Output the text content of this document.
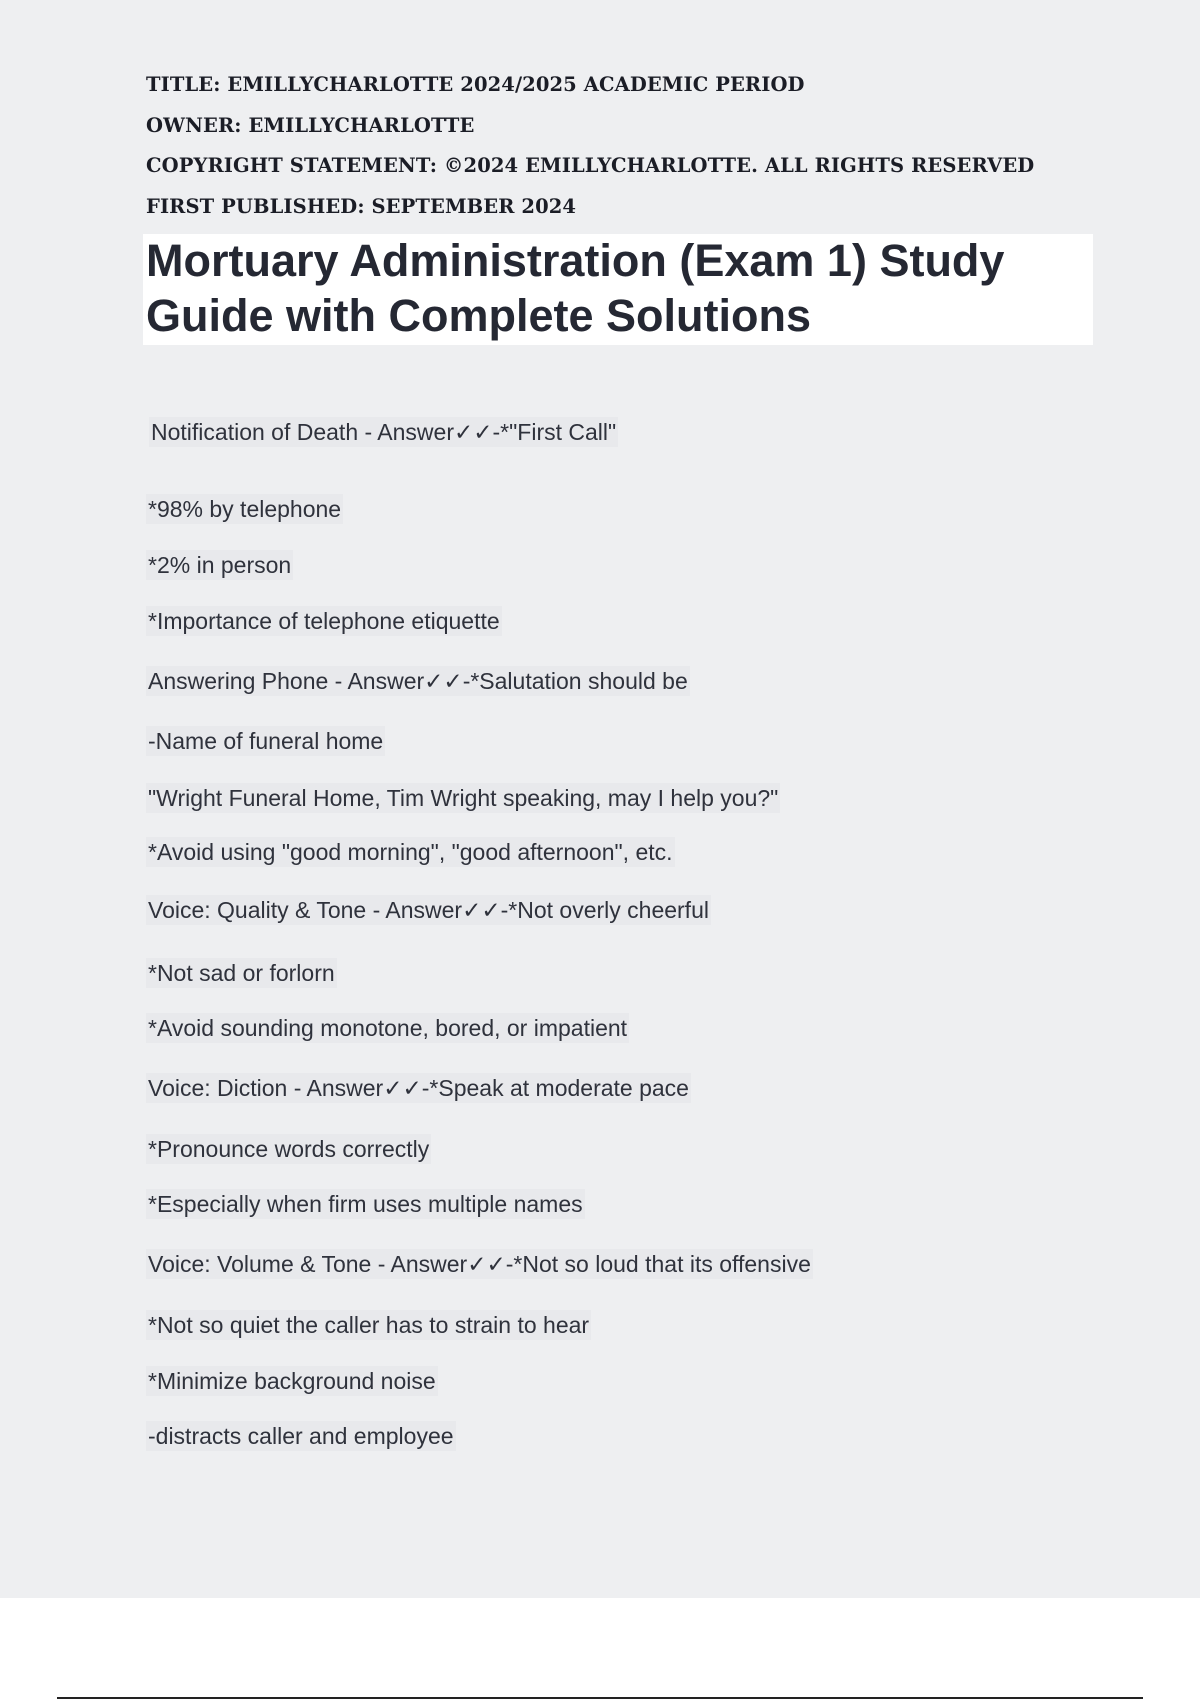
TITLE: EMILLYCHARLOTTE 2024/2025 ACADEMIC PERIOD
OWNER: EMILLYCHARLOTTE
COPYRIGHT STATEMENT: ©2024 EMILLYCHARLOTTE. ALL RIGHTS RESERVED
FIRST PUBLISHED: SEPTEMBER 2024
Mortuary Administration (Exam 1) Study
Guide with Complete Solutions
Notification of Death - Answer✓✓-*"First Call"
*98% by telephone
*2% in person
*Importance of telephone etiquette
Answering Phone - Answer✓✓-*Salutation should be
-Name of funeral home
"Wright Funeral Home, Tim Wright speaking, may I help you?"
*Avoid using "good morning", "good afternoon", etc.
Voice: Quality & Tone - Answer✓✓-*Not overly cheerful
*Not sad or forlorn
*Avoid sounding monotone, bored, or impatient
Voice: Diction - Answer✓✓-*Speak at moderate pace
*Pronounce words correctly
*Especially when firm uses multiple names
Voice: Volume & Tone - Answer✓✓-*Not so loud that its offensive
*Not so quiet the caller has to strain to hear
*Minimize background noise
-distracts caller and employee
